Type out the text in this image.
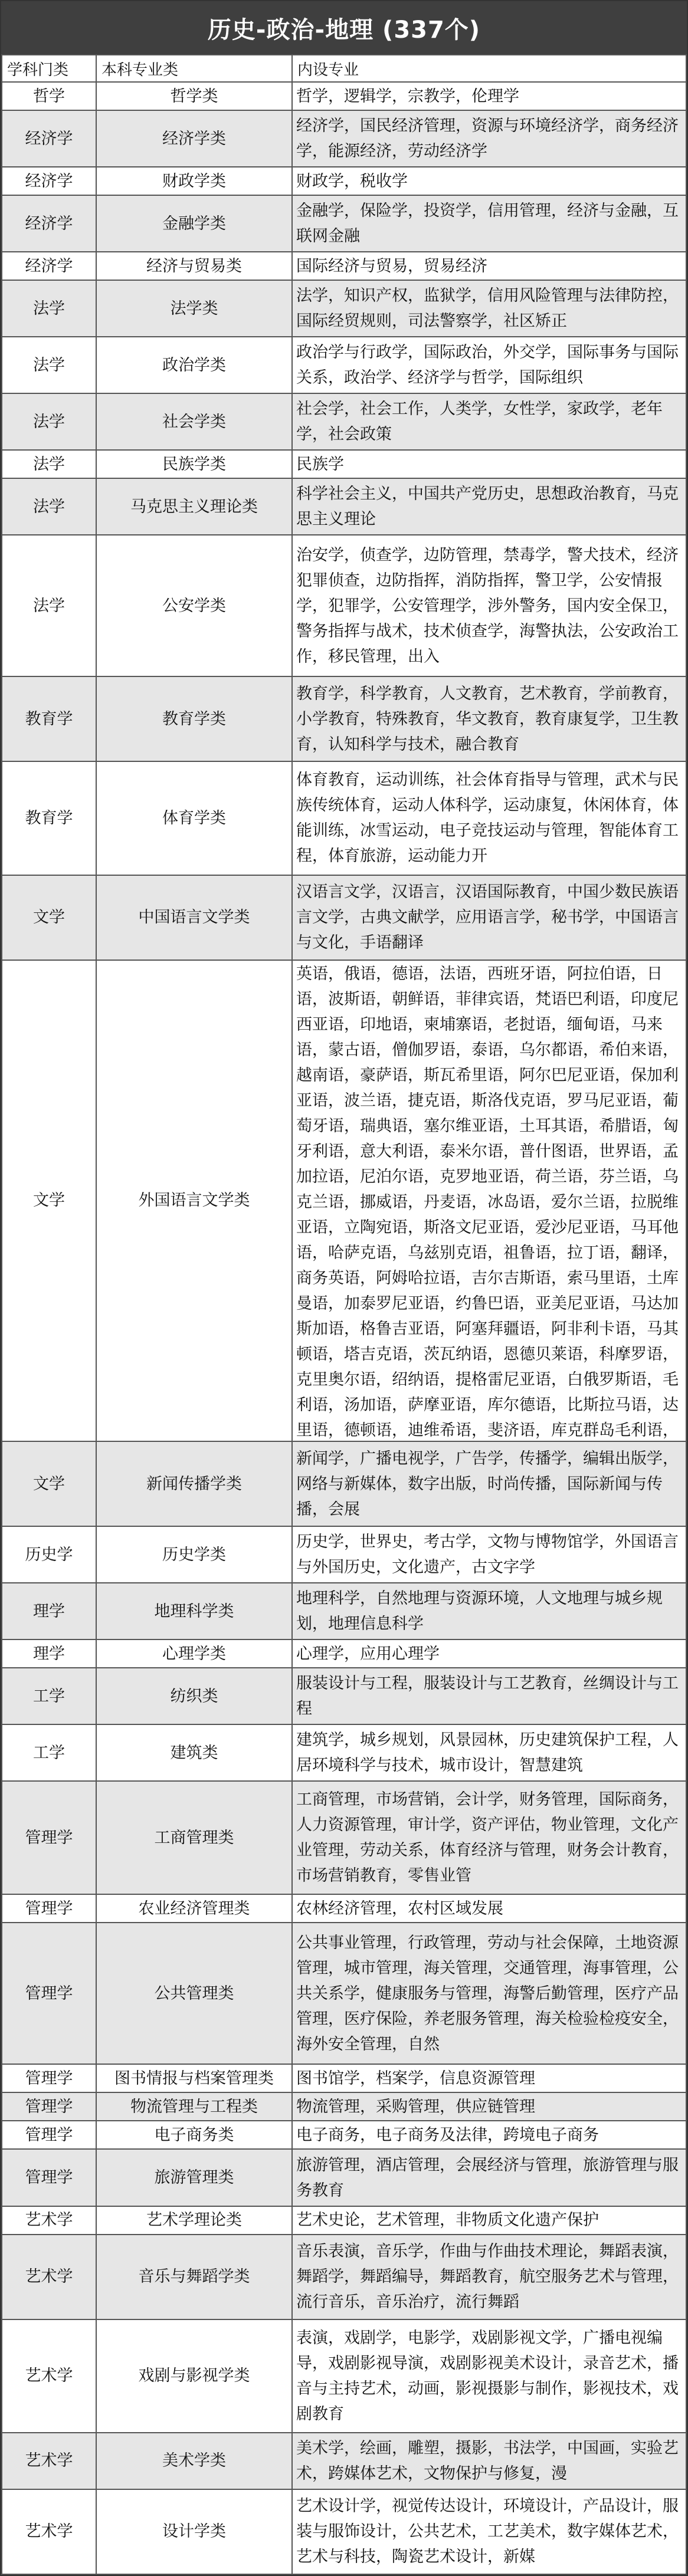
历史-政治-地理 (337个)
学科门类	本科专业类	内设专业

哲学	哲学类	哲学，逻辑学，宗教学，伦理学

经济学	经济学类	经济学，国民经济管理，资源与环境经济学，商务经济学，能源经济，劳动经济学

经济学	财政学类	财政学，税收学

经济学	金融学类	金融学，保险学，投资学，信用管理，经济与金融，互联网金融

经济学	经济与贸易类	国际经济与贸易，贸易经济

法学	法学类	法学，知识产权，监狱学，信用风险管理与法律防控，国际经贸规则，司法警察学，社区矫正

法学	政治学类	政治学与行政学，国际政治，外交学，国际事务与国际关系，政治学、经济学与哲学，国际组织

法学	社会学类	社会学，社会工作，人类学，女性学，家政学，老年学，社会政策

法学	民族学类	民族学

法学	马克思主义理论类	科学社会主义，中国共产党历史，思想政治教育，马克思主义理论

法学	公安学类	治安学，侦查学，边防管理，禁毒学，警犬技术，经济犯罪侦查，边防指挥，消防指挥，警卫学，公安情报学，犯罪学，公安管理学，涉外警务，国内安全保卫，警务指挥与战术，技术侦查学，海警执法，公安政治工作，移民管理，出入

教育学	教育学类	教育学，科学教育，人文教育，艺术教育，学前教育，小学教育，特殊教育，华文教育，教育康复学，卫生教育，认知科学与技术，融合教育

教育学	体育学类	体育教育，运动训练，社会体育指导与管理，武术与民族传统体育，运动人体科学，运动康复，休闲体育，体能训练，冰雪运动，电子竞技运动与管理，智能体育工程，体育旅游，运动能力开

文学	中国语言文学类	汉语言文学，汉语言，汉语国际教育，中国少数民族语言文学，古典文献学，应用语言学，秘书学，中国语言与文化，手语翻译

文学	外国语言文学类	英语，俄语，德语，法语，西班牙语，阿拉伯语，日语，波斯语，朝鲜语，菲律宾语，梵语巴利语，印度尼西亚语，印地语，柬埔寨语，老挝语，缅甸语，马来语，蒙古语，僧伽罗语，泰语，乌尔都语，希伯来语，越南语，豪萨语，斯瓦希里语，阿尔巴尼亚语，保加利亚语，波兰语，捷克语，斯洛伐克语，罗马尼亚语，葡萄牙语，瑞典语，塞尔维亚语，土耳其语，希腊语，匈牙利语，意大利语，泰米尔语，普什图语，世界语，孟加拉语，尼泊尔语，克罗地亚语，荷兰语，芬兰语，乌克兰语，挪威语，丹麦语，冰岛语，爱尔兰语，拉脱维亚语，立陶宛语，斯洛文尼亚语，爱沙尼亚语，马耳他语，哈萨克语，乌兹别克语，祖鲁语，拉丁语，翻译，商务英语，阿姆哈拉语，吉尔吉斯语，索马里语，土库曼语，加泰罗尼亚语，约鲁巴语，亚美尼亚语，马达加斯加语，格鲁吉亚语，阿塞拜疆语，阿非利卡语，马其顿语，塔吉克语，茨瓦纳语，恩德贝莱语，科摩罗语，克里奥尔语，绍纳语，提格雷尼亚语，白俄罗斯语，毛利语，汤加语，萨摩亚语，库尔德语，比斯拉马语，达里语，德顿语，迪维希语，斐济语，库克群岛毛利语，

文学	新闻传播学类	新闻学，广播电视学，广告学，传播学，编辑出版学，网络与新媒体，数字出版，时尚传播，国际新闻与传播，会展

历史学	历史学类	历史学，世界史，考古学，文物与博物馆学，外国语言与外国历史，文化遗产，古文字学

理学	地理科学类	地理科学，自然地理与资源环境，人文地理与城乡规划，地理信息科学

理学	心理学类	心理学，应用心理学

工学	纺织类	服装设计与工程，服装设计与工艺教育，丝绸设计与工程

工学	建筑类	建筑学，城乡规划，风景园林，历史建筑保护工程，人居环境科学与技术，城市设计，智慧建筑

管理学	工商管理类	工商管理，市场营销，会计学，财务管理，国际商务，人力资源管理，审计学，资产评估，物业管理，文化产业管理，劳动关系，体育经济与管理，财务会计教育，市场营销教育，零售业管

管理学	农业经济管理类	农林经济管理，农村区域发展

管理学	公共管理类	公共事业管理，行政管理，劳动与社会保障，土地资源管理，城市管理，海关管理，交通管理，海事管理，公共关系学，健康服务与管理，海警后勤管理，医疗产品管理，医疗保险，养老服务管理，海关检验检疫安全，海外安全管理，自然

管理学	图书情报与档案管理类	图书馆学，档案学，信息资源管理

管理学	物流管理与工程类	物流管理，采购管理，供应链管理

管理学	电子商务类	电子商务，电子商务及法律，跨境电子商务

管理学	旅游管理类	旅游管理，酒店管理，会展经济与管理，旅游管理与服务教育

艺术学	艺术学理论类	艺术史论，艺术管理，非物质文化遗产保护

艺术学	音乐与舞蹈学类	音乐表演，音乐学，作曲与作曲技术理论，舞蹈表演，舞蹈学，舞蹈编导，舞蹈教育，航空服务艺术与管理，流行音乐，音乐治疗，流行舞蹈

艺术学	戏剧与影视学类	表演，戏剧学，电影学，戏剧影视文学，广播电视编导，戏剧影视导演，戏剧影视美术设计，录音艺术，播音与主持艺术，动画，影视摄影与制作，影视技术，戏剧教育

艺术学	美术学类	美术学，绘画，雕塑，摄影，书法学，中国画，实验艺术，跨媒体艺术，文物保护与修复，漫

艺术学	设计学类	艺术设计学，视觉传达设计，环境设计，产品设计，服装与服饰设计，公共艺术，工艺美术，数字媒体艺术，艺术与科技，陶瓷艺术设计，新媒
